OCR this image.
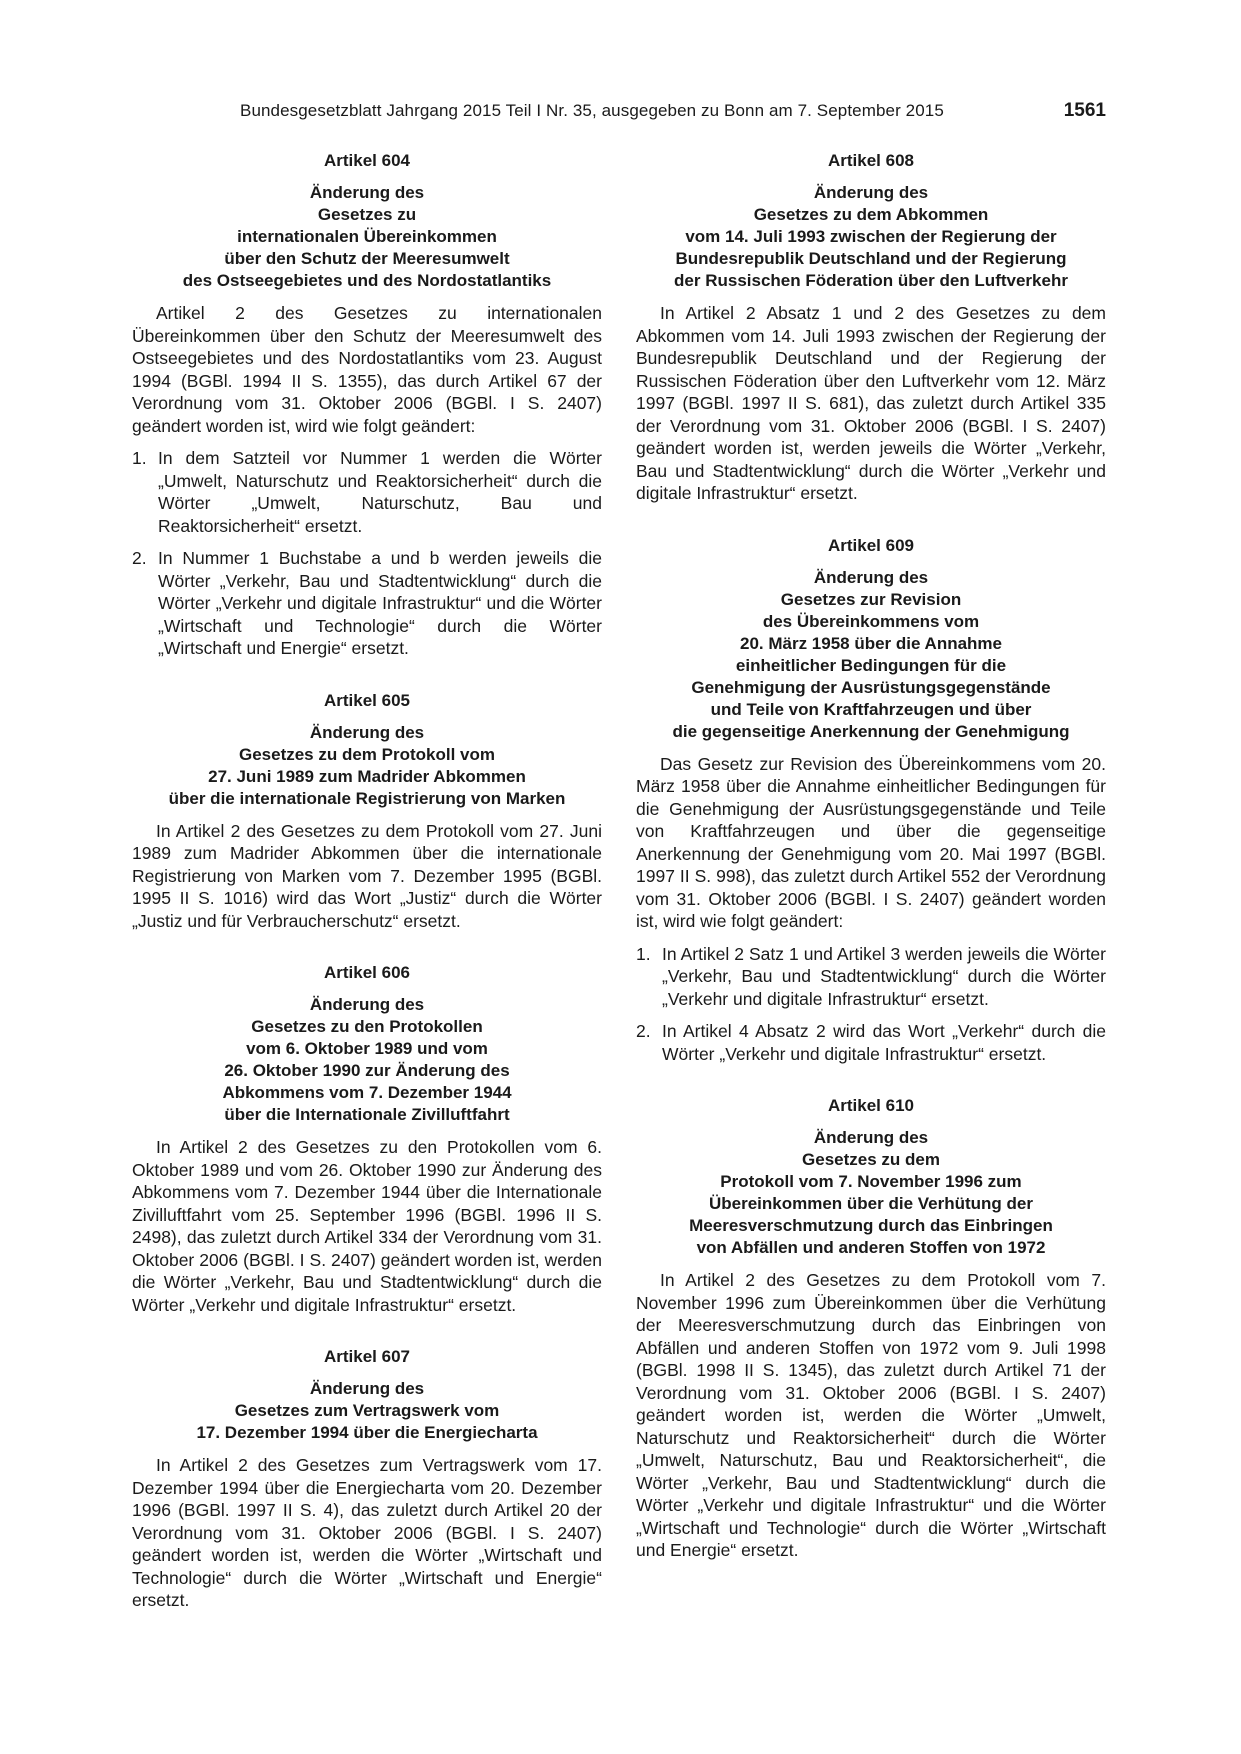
Bundesgesetzblatt Jahrgang 2015 Teil I Nr. 35, ausgegeben zu Bonn am 7. September 2015	1561
Artikel 604
Änderung des
Gesetzes zu
internationalen Übereinkommen
über den Schutz der Meeresumwelt
des Ostseegebietes und des Nordostatlantiks

Artikel 2 des Gesetzes zu internationalen Übereinkommen über den Schutz der Meeresumwelt des Ostseegebietes und des Nordostatlantiks vom 23. August 1994 (BGBl. 1994 II S. 1355), das durch Artikel 67 der Verordnung vom 31. Oktober 2006 (BGBl. I S. 2407) geändert worden ist, wird wie folgt geändert:

1. In dem Satzteil vor Nummer 1 werden die Wörter „Umwelt, Naturschutz und Reaktorsicherheit“ durch die Wörter „Umwelt, Naturschutz, Bau und Reaktorsicherheit“ ersetzt.
2. In Nummer 1 Buchstabe a und b werden jeweils die Wörter „Verkehr, Bau und Stadtentwicklung“ durch die Wörter „Verkehr und digitale Infrastruktur“ und die Wörter „Wirtschaft und Technologie“ durch die Wörter „Wirtschaft und Energie“ ersetzt.
Artikel 605
Änderung des
Gesetzes zu dem Protokoll vom
27. Juni 1989 zum Madrider Abkommen
über die internationale Registrierung von Marken

In Artikel 2 des Gesetzes zu dem Protokoll vom 27. Juni 1989 zum Madrider Abkommen über die internationale Registrierung von Marken vom 7. Dezember 1995 (BGBl. 1995 II S. 1016) wird das Wort „Justiz“ durch die Wörter „Justiz und für Verbraucherschutz“ ersetzt.

Artikel 606
Änderung des
Gesetzes zu den Protokollen
vom 6. Oktober 1989 und vom
26. Oktober 1990 zur Änderung des
Abkommens vom 7. Dezember 1944
über die Internationale Zivilluftfahrt

In Artikel 2 des Gesetzes zu den Protokollen vom 6. Oktober 1989 und vom 26. Oktober 1990 zur Änderung des Abkommens vom 7. Dezember 1944 über die Internationale Zivilluftfahrt vom 25. September 1996 (BGBl. 1996 II S. 2498), das zuletzt durch Artikel 334 der Verordnung vom 31. Oktober 2006 (BGBl. I S. 2407) geändert worden ist, werden die Wörter „Verkehr, Bau und Stadtentwicklung“ durch die Wörter „Verkehr und digitale Infrastruktur“ ersetzt.

Artikel 607
Änderung des
Gesetzes zum Vertragswerk vom
17. Dezember 1994 über die Energiecharta

In Artikel 2 des Gesetzes zum Vertragswerk vom 17. Dezember 1994 über die Energiecharta vom 20. Dezember 1996 (BGBl. 1997 II S. 4), das zuletzt durch Artikel 20 der Verordnung vom 31. Oktober 2006 (BGBl. I S. 2407) geändert worden ist, werden die Wörter „Wirtschaft und Technologie“ durch die Wörter „Wirtschaft und Energie“ ersetzt.

Artikel 608
Änderung des
Gesetzes zu dem Abkommen
vom 14. Juli 1993 zwischen der Regierung der
Bundesrepublik Deutschland und der Regierung
der Russischen Föderation über den Luftverkehr

In Artikel 2 Absatz 1 und 2 des Gesetzes zu dem Abkommen vom 14. Juli 1993 zwischen der Regierung der Bundesrepublik Deutschland und der Regierung der Russischen Föderation über den Luftverkehr vom 12. März 1997 (BGBl. 1997 II S. 681), das zuletzt durch Artikel 335 der Verordnung vom 31. Oktober 2006 (BGBl. I S. 2407) geändert worden ist, werden jeweils die Wörter „Verkehr, Bau und Stadtentwicklung“ durch die Wörter „Verkehr und digitale Infrastruktur“ ersetzt.

Artikel 609
Änderung des
Gesetzes zur Revision
des Übereinkommens vom
20. März 1958 über die Annahme
einheitlicher Bedingungen für die
Genehmigung der Ausrüstungsgegenstände
und Teile von Kraftfahrzeugen und über
die gegenseitige Anerkennung der Genehmigung

Das Gesetz zur Revision des Übereinkommens vom 20. März 1958 über die Annahme einheitlicher Bedingungen für die Genehmigung der Ausrüstungsgegenstände und Teile von Kraftfahrzeugen und über die gegenseitige Anerkennung der Genehmigung vom 20. Mai 1997 (BGBl. 1997 II S. 998), das zuletzt durch Artikel 552 der Verordnung vom 31. Oktober 2006 (BGBl. I S. 2407) geändert worden ist, wird wie folgt geändert:

1. In Artikel 2 Satz 1 und Artikel 3 werden jeweils die Wörter „Verkehr, Bau und Stadtentwicklung“ durch die Wörter „Verkehr und digitale Infrastruktur“ ersetzt.
2. In Artikel 4 Absatz 2 wird das Wort „Verkehr“ durch die Wörter „Verkehr und digitale Infrastruktur“ ersetzt.
Artikel 610
Änderung des
Gesetzes zu dem
Protokoll vom 7. November 1996 zum
Übereinkommen über die Verhütung der
Meeresverschmutzung durch das Einbringen
von Abfällen und anderen Stoffen von 1972

In Artikel 2 des Gesetzes zu dem Protokoll vom 7. November 1996 zum Übereinkommen über die Verhütung der Meeresverschmutzung durch das Einbringen von Abfällen und anderen Stoffen von 1972 vom 9. Juli 1998 (BGBl. 1998 II S. 1345), das zuletzt durch Artikel 71 der Verordnung vom 31. Oktober 2006 (BGBl. I S. 2407) geändert worden ist, werden die Wörter „Umwelt, Naturschutz und Reaktorsicherheit“ durch die Wörter „Umwelt, Naturschutz, Bau und Reaktorsicherheit“, die Wörter „Verkehr, Bau und Stadtentwicklung“ durch die Wörter „Verkehr und digitale Infrastruktur“ und die Wörter „Wirtschaft und Technologie“ durch die Wörter „Wirtschaft und Energie“ ersetzt.
